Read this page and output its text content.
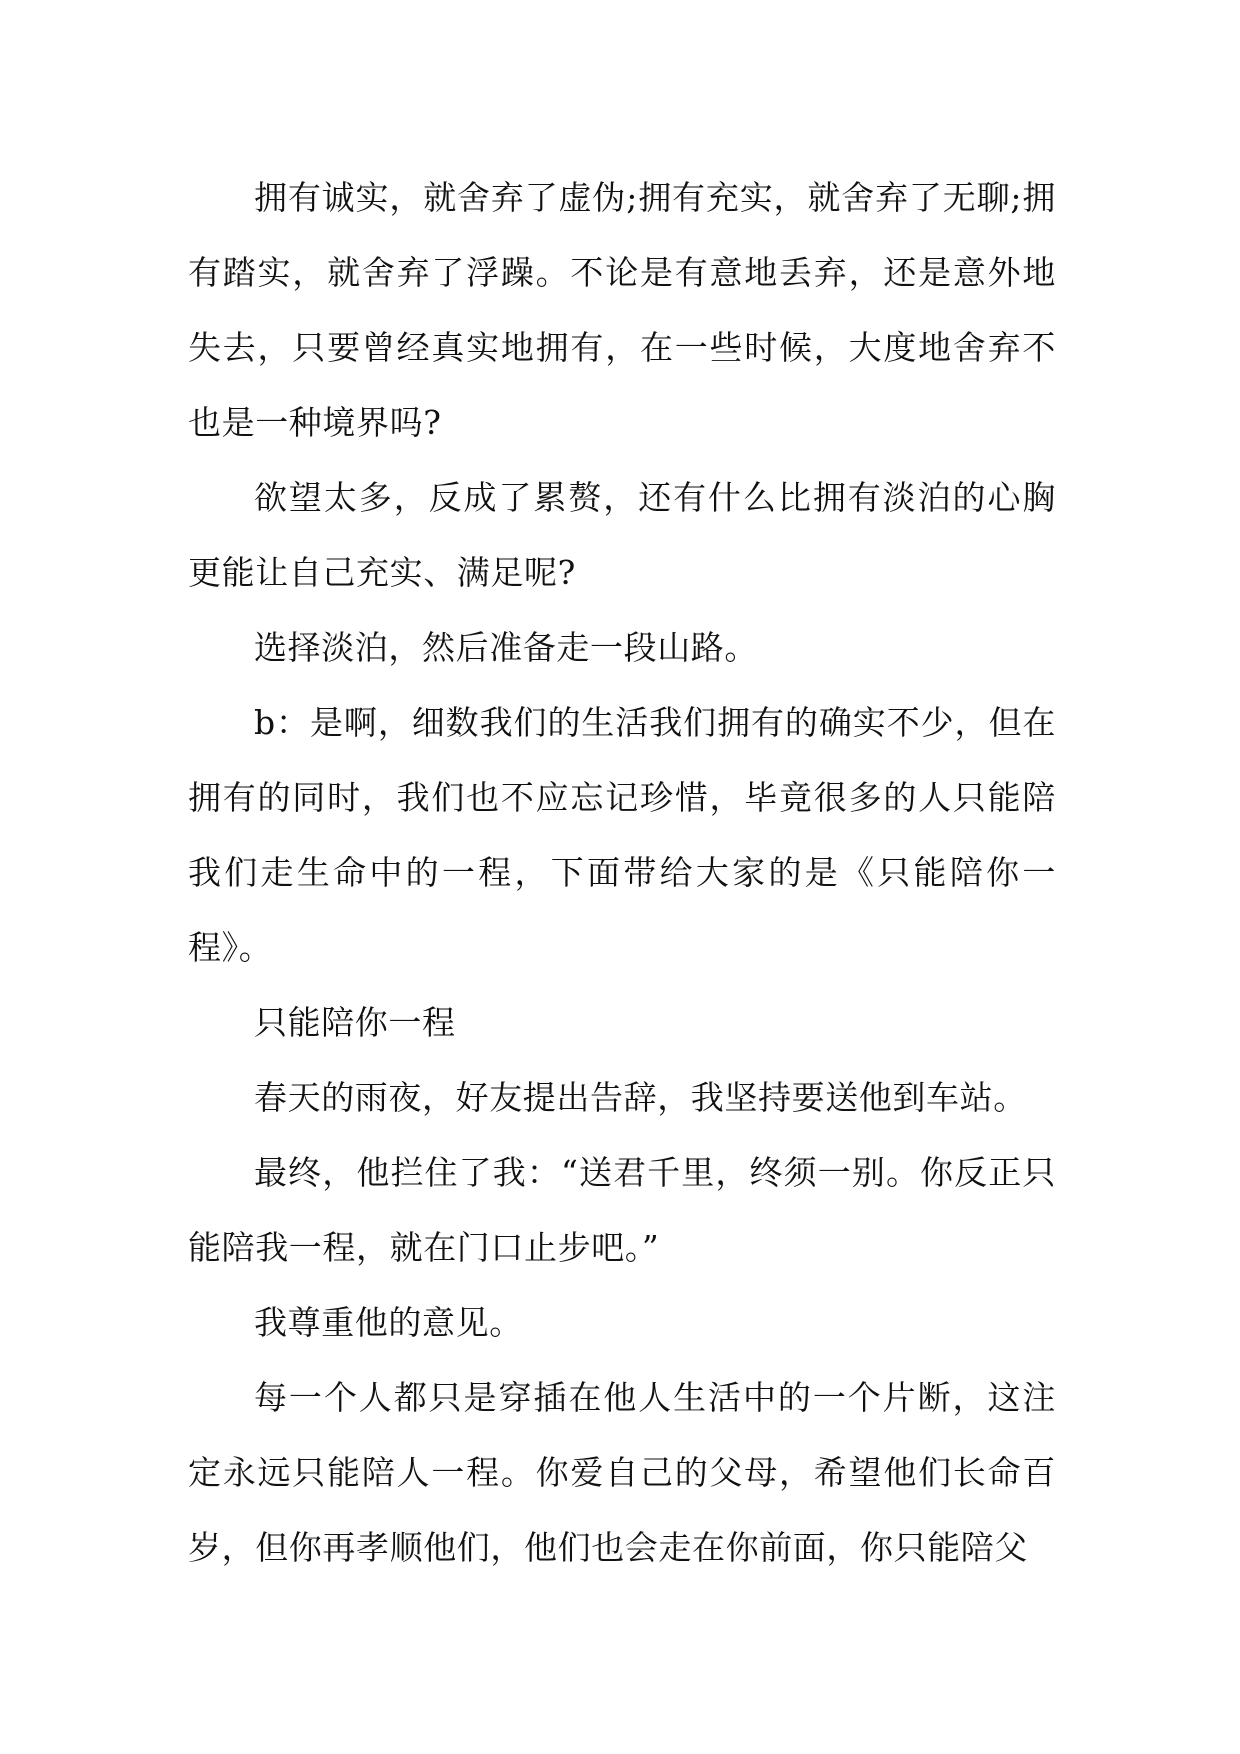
拥有诚实，就舍弃了虚伪;拥有充实，就舍弃了无聊;拥有踏实，就舍弃了浮躁。不论是有意地丢弃，还是意外地失去，只要曾经真实地拥有，在一些时候，大度地舍弃不也是一种境界吗?

欲望太多，反成了累赘，还有什么比拥有淡泊的心胸更能让自己充实、满足呢?

选择淡泊，然后准备走一段山路。

b：是啊，细数我们的生活我们拥有的确实不少，但在拥有的同时，我们也不应忘记珍惜，毕竟很多的人只能陪我们走生命中的一程，下面带给大家的是《只能陪你一程》。

只能陪你一程

春天的雨夜，好友提出告辞，我坚持要送他到车站。

最终，他拦住了我：“送君千里，终须一别。你反正只能陪我一程，就在门口止步吧。”

我尊重他的意见。

每一个人都只是穿插在他人生活中的一个片断，这注定永远只能陪人一程。你爱自己的父母，希望他们长命百岁，但你再孝顺他们，他们也会走在你前面，你只能陪父
